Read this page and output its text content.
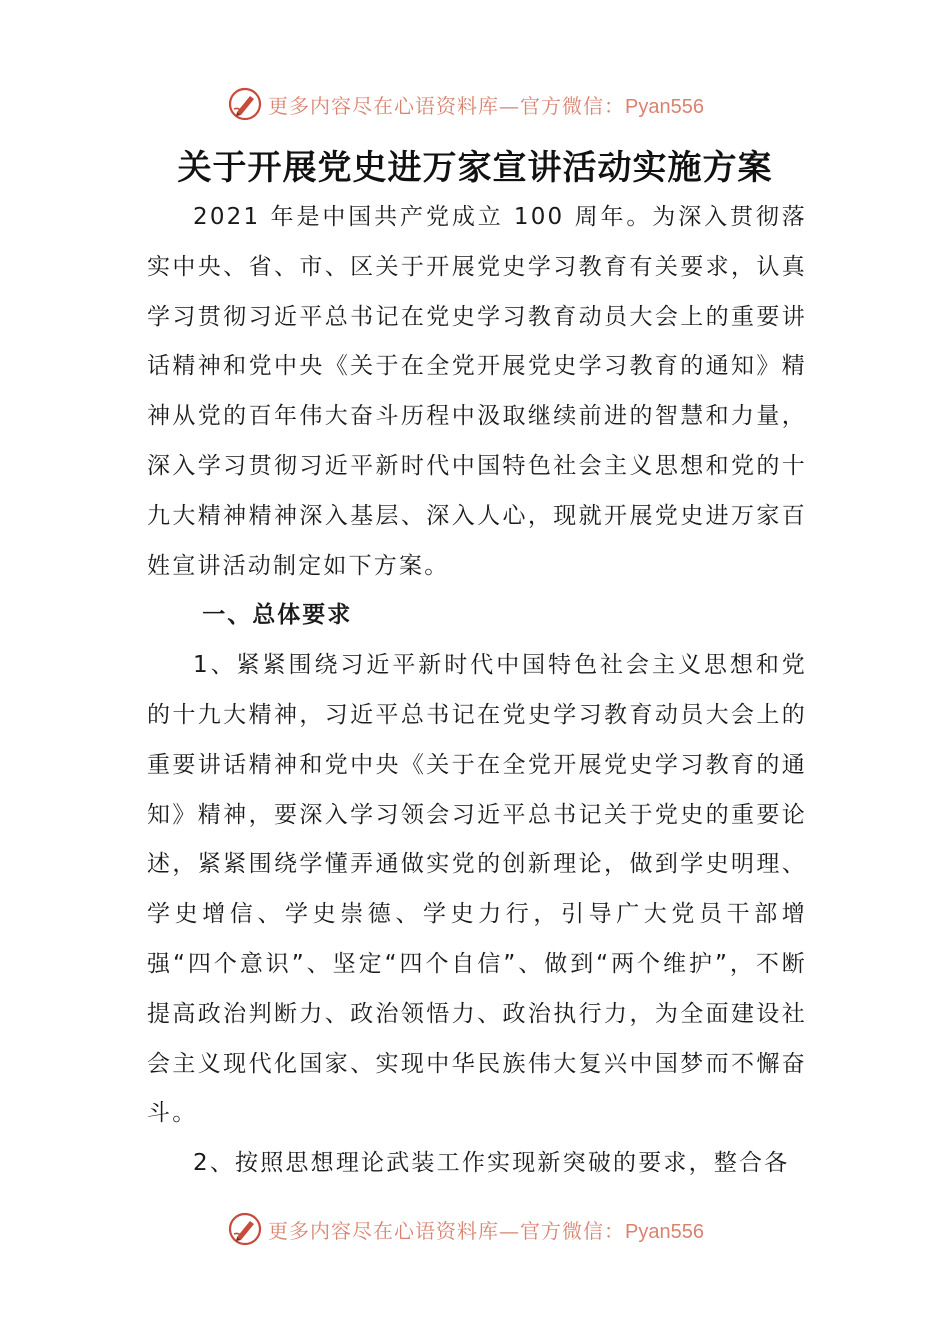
更多内容尽在心语资料库—官方微信：Pyan556
关于开展党史进万家宣讲活动实施方案

2021 年是中国共产党成立 100 周年。为深入贯彻落实中央、省、市、区关于开展党史学习教育有关要求，认真学习贯彻习近平总书记在党史学习教育动员大会上的重要讲话精神和党中央《关于在全党开展党史学习教育的通知》精神从党的百年伟大奋斗历程中汲取继续前进的智慧和力量，深入学习贯彻习近平新时代中国特色社会主义思想和党的十九大精神精神深入基层、深入人心，现就开展党史进万家百姓宣讲活动制定如下方案。

一、总体要求

1、紧紧围绕习近平新时代中国特色社会主义思想和党的十九大精神，习近平总书记在党史学习教育动员大会上的重要讲话精神和党中央《关于在全党开展党史学习教育的通知》精神，要深入学习领会习近平总书记关于党史的重要论述，紧紧围绕学懂弄通做实党的创新理论，做到学史明理、学史增信、学史崇德、学史力行，引导广大党员干部增强“四个意识”、坚定“四个自信”、做到“两个维护”，不断提高政治判断力、政治领悟力、政治执行力，为全面建设社会主义现代化国家、实现中华民族伟大复兴中国梦而不懈奋斗。

2、按照思想理论武装工作实现新突破的要求，整合各

更多内容尽在心语资料库—官方微信：Pyan556
